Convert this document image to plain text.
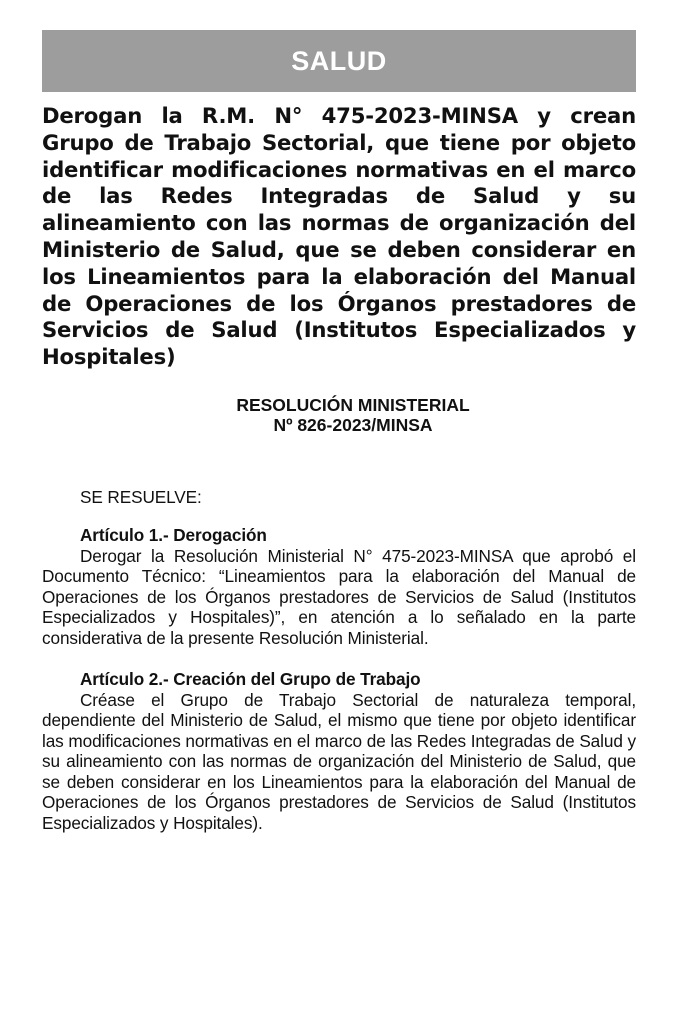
SALUD
Derogan la R.M. N° 475-2023-MINSA y crean Grupo de Trabajo Sectorial, que tiene por objeto identificar modificaciones normativas en el marco de las Redes Integradas de Salud y su alineamiento con las normas de organización del Ministerio de Salud, que se deben considerar en los Lineamientos para la elaboración del Manual de Operaciones de los Órganos prestadores de Servicios de Salud (Institutos Especializados y Hospitales)
RESOLUCIÓN MINISTERIAL
Nº 826-2023/MINSA
SE RESUELVE:
Artículo 1.- Derogación

Derogar la Resolución Ministerial N° 475-2023-MINSA que aprobó el Documento Técnico: “Lineamientos para la elaboración del Manual de Operaciones de los Órganos prestadores de Servicios de Salud (Institutos Especializados y Hospitales)”, en atención a lo señalado en la parte considerativa de la presente Resolución Ministerial.

Artículo 2.- Creación del Grupo de Trabajo

Créase el Grupo de Trabajo Sectorial de naturaleza temporal, dependiente del Ministerio de Salud, el mismo que tiene por objeto identificar las modificaciones normativas en el marco de las Redes Integradas de Salud y su alineamiento con las normas de organización del Ministerio de Salud, que se deben considerar en los Lineamientos para la elaboración del Manual de Operaciones de los Órganos prestadores de Servicios de Salud (Institutos Especializados y Hospitales).
